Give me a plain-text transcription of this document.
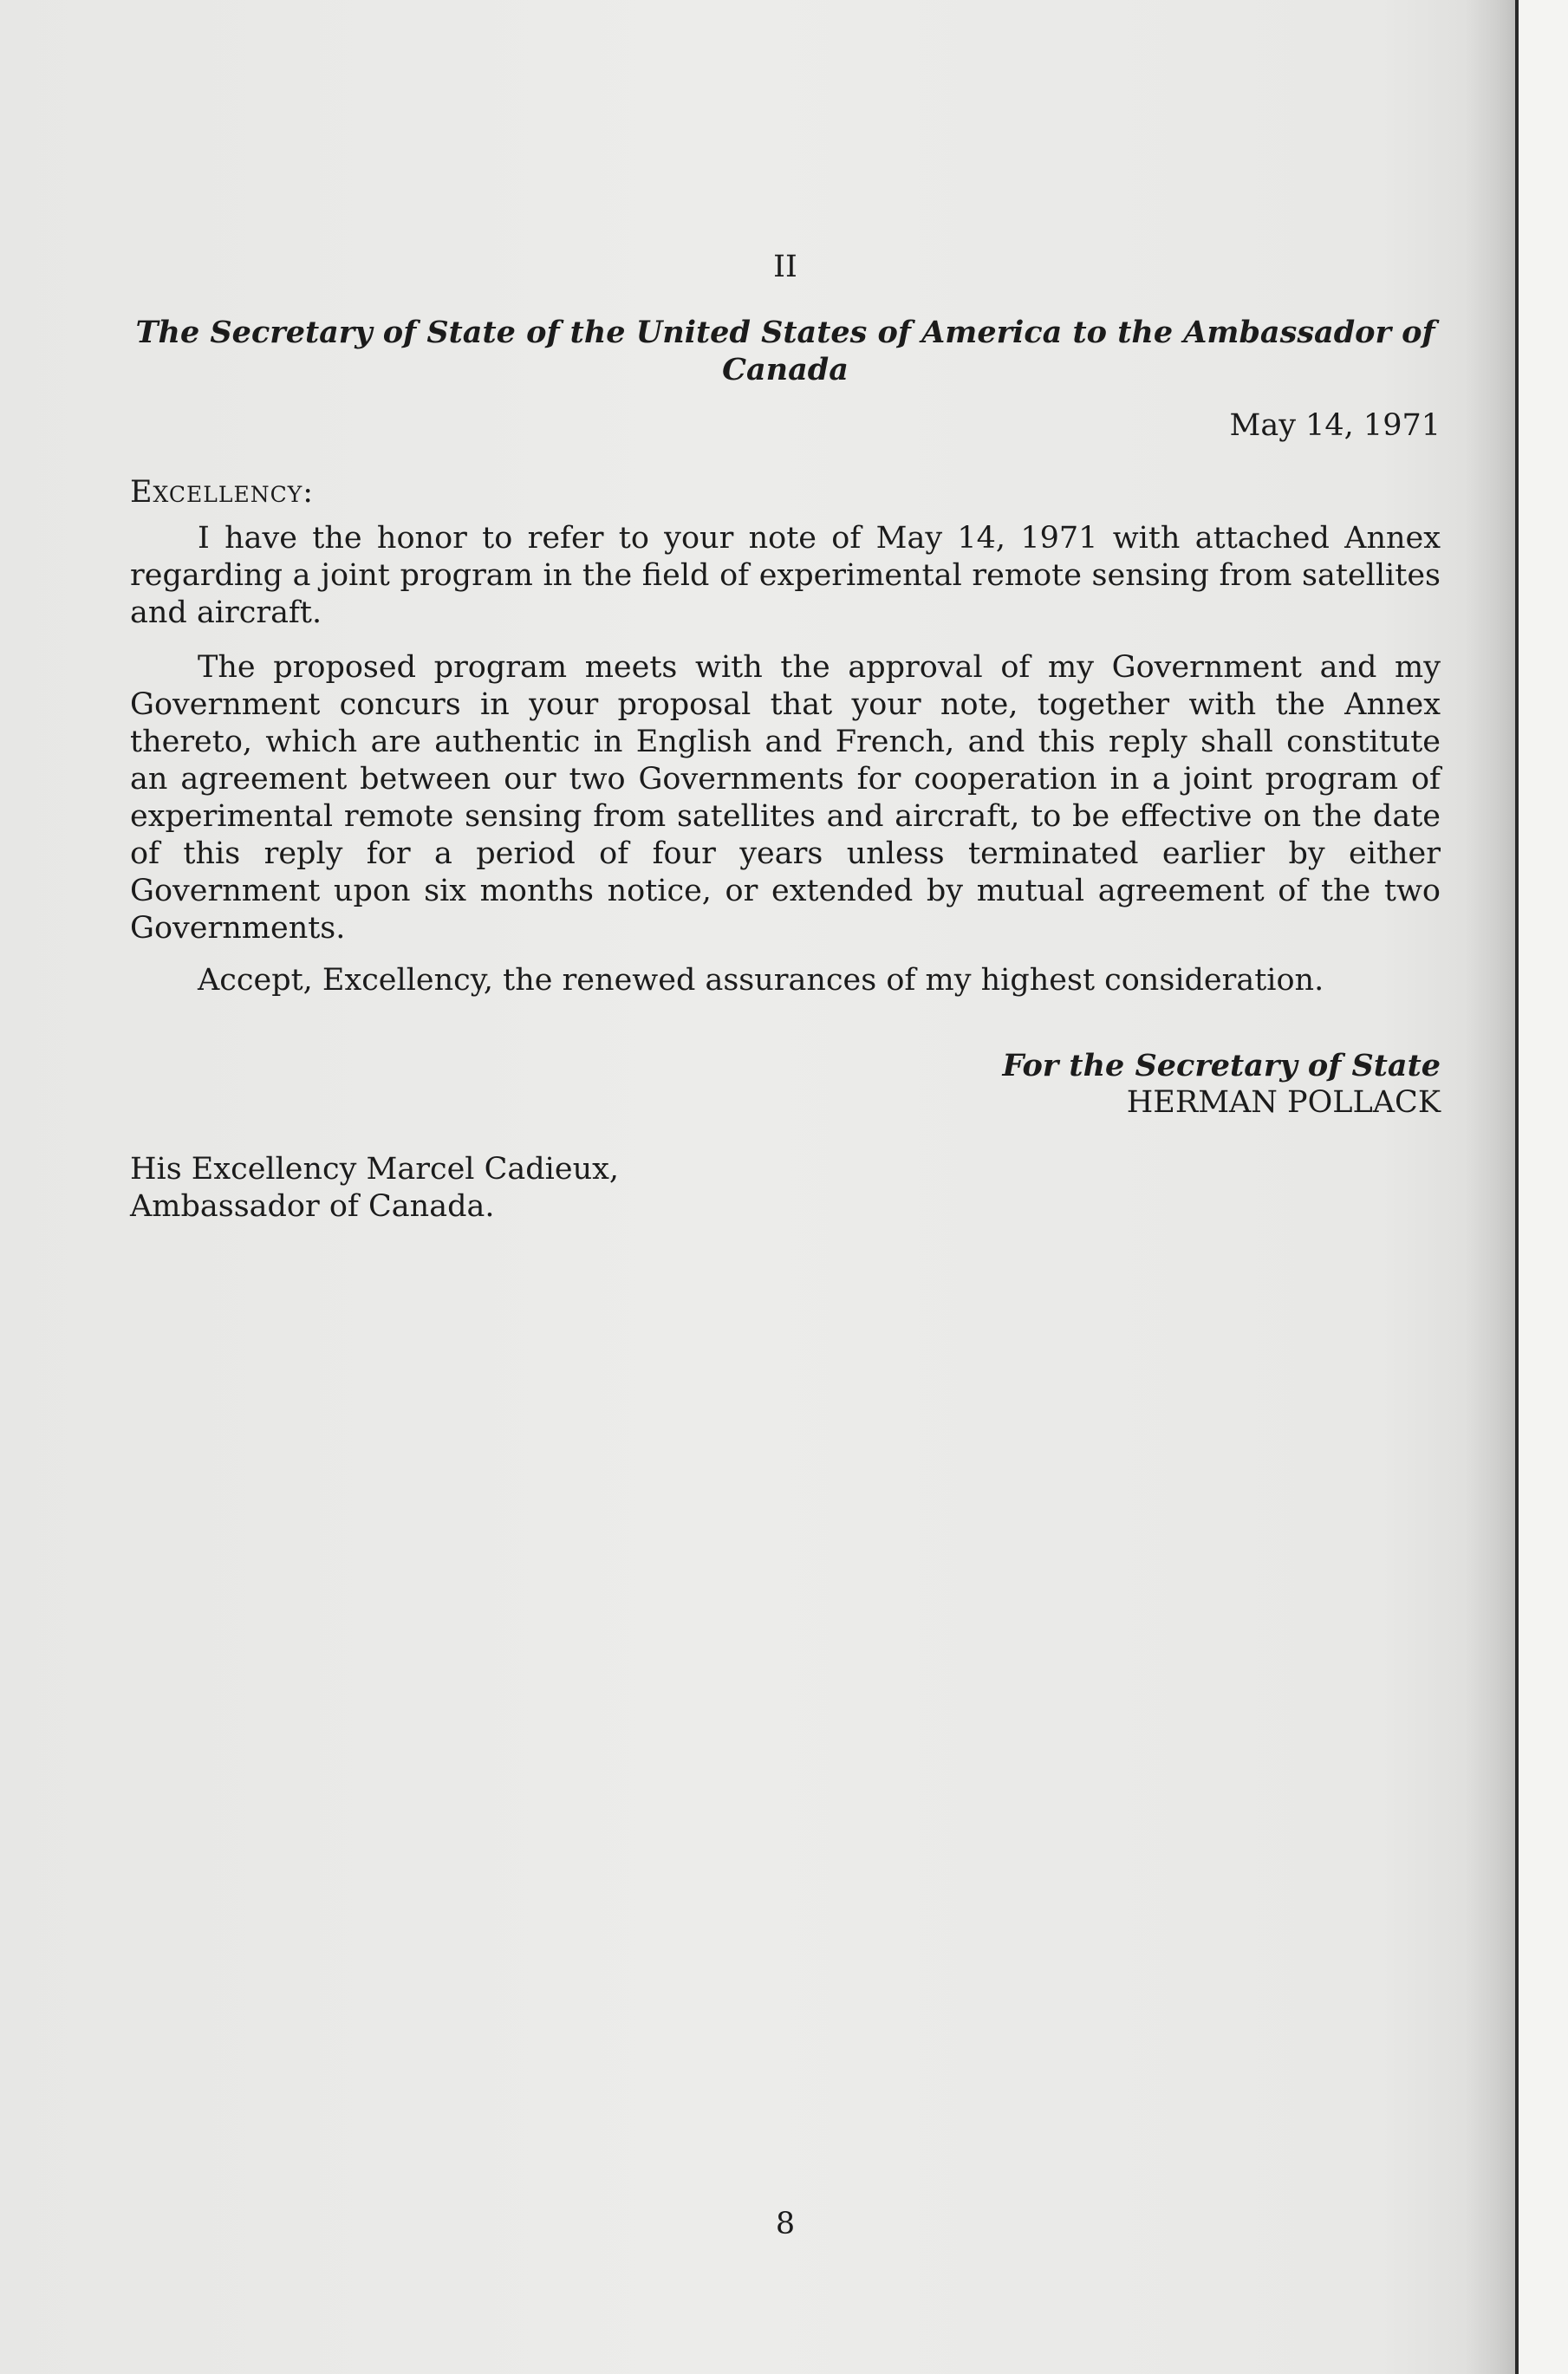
II
The Secretary of State of the United States of America to the Ambassador of Canada
May 14, 1971
Excellency:
I have the honor to refer to your note of May 14, 1971 with attached Annex regarding a joint program in the field of experimental remote sensing from satellites and aircraft.
The proposed program meets with the approval of my Government and my Government concurs in your proposal that your note, together with the Annex thereto, which are authentic in English and French, and this reply shall constitute an agreement between our two Governments for cooperation in a joint program of experimental remote sensing from satellites and aircraft, to be effective on the date of this reply for a period of four years unless terminated earlier by either Government upon six months notice, or extended by mutual agreement of the two Governments.
Accept, Excellency, the renewed assurances of my highest consideration.
For the Secretary of State
HERMAN POLLACK
His Excellency Marcel Cadieux,
Ambassador of Canada.
8
